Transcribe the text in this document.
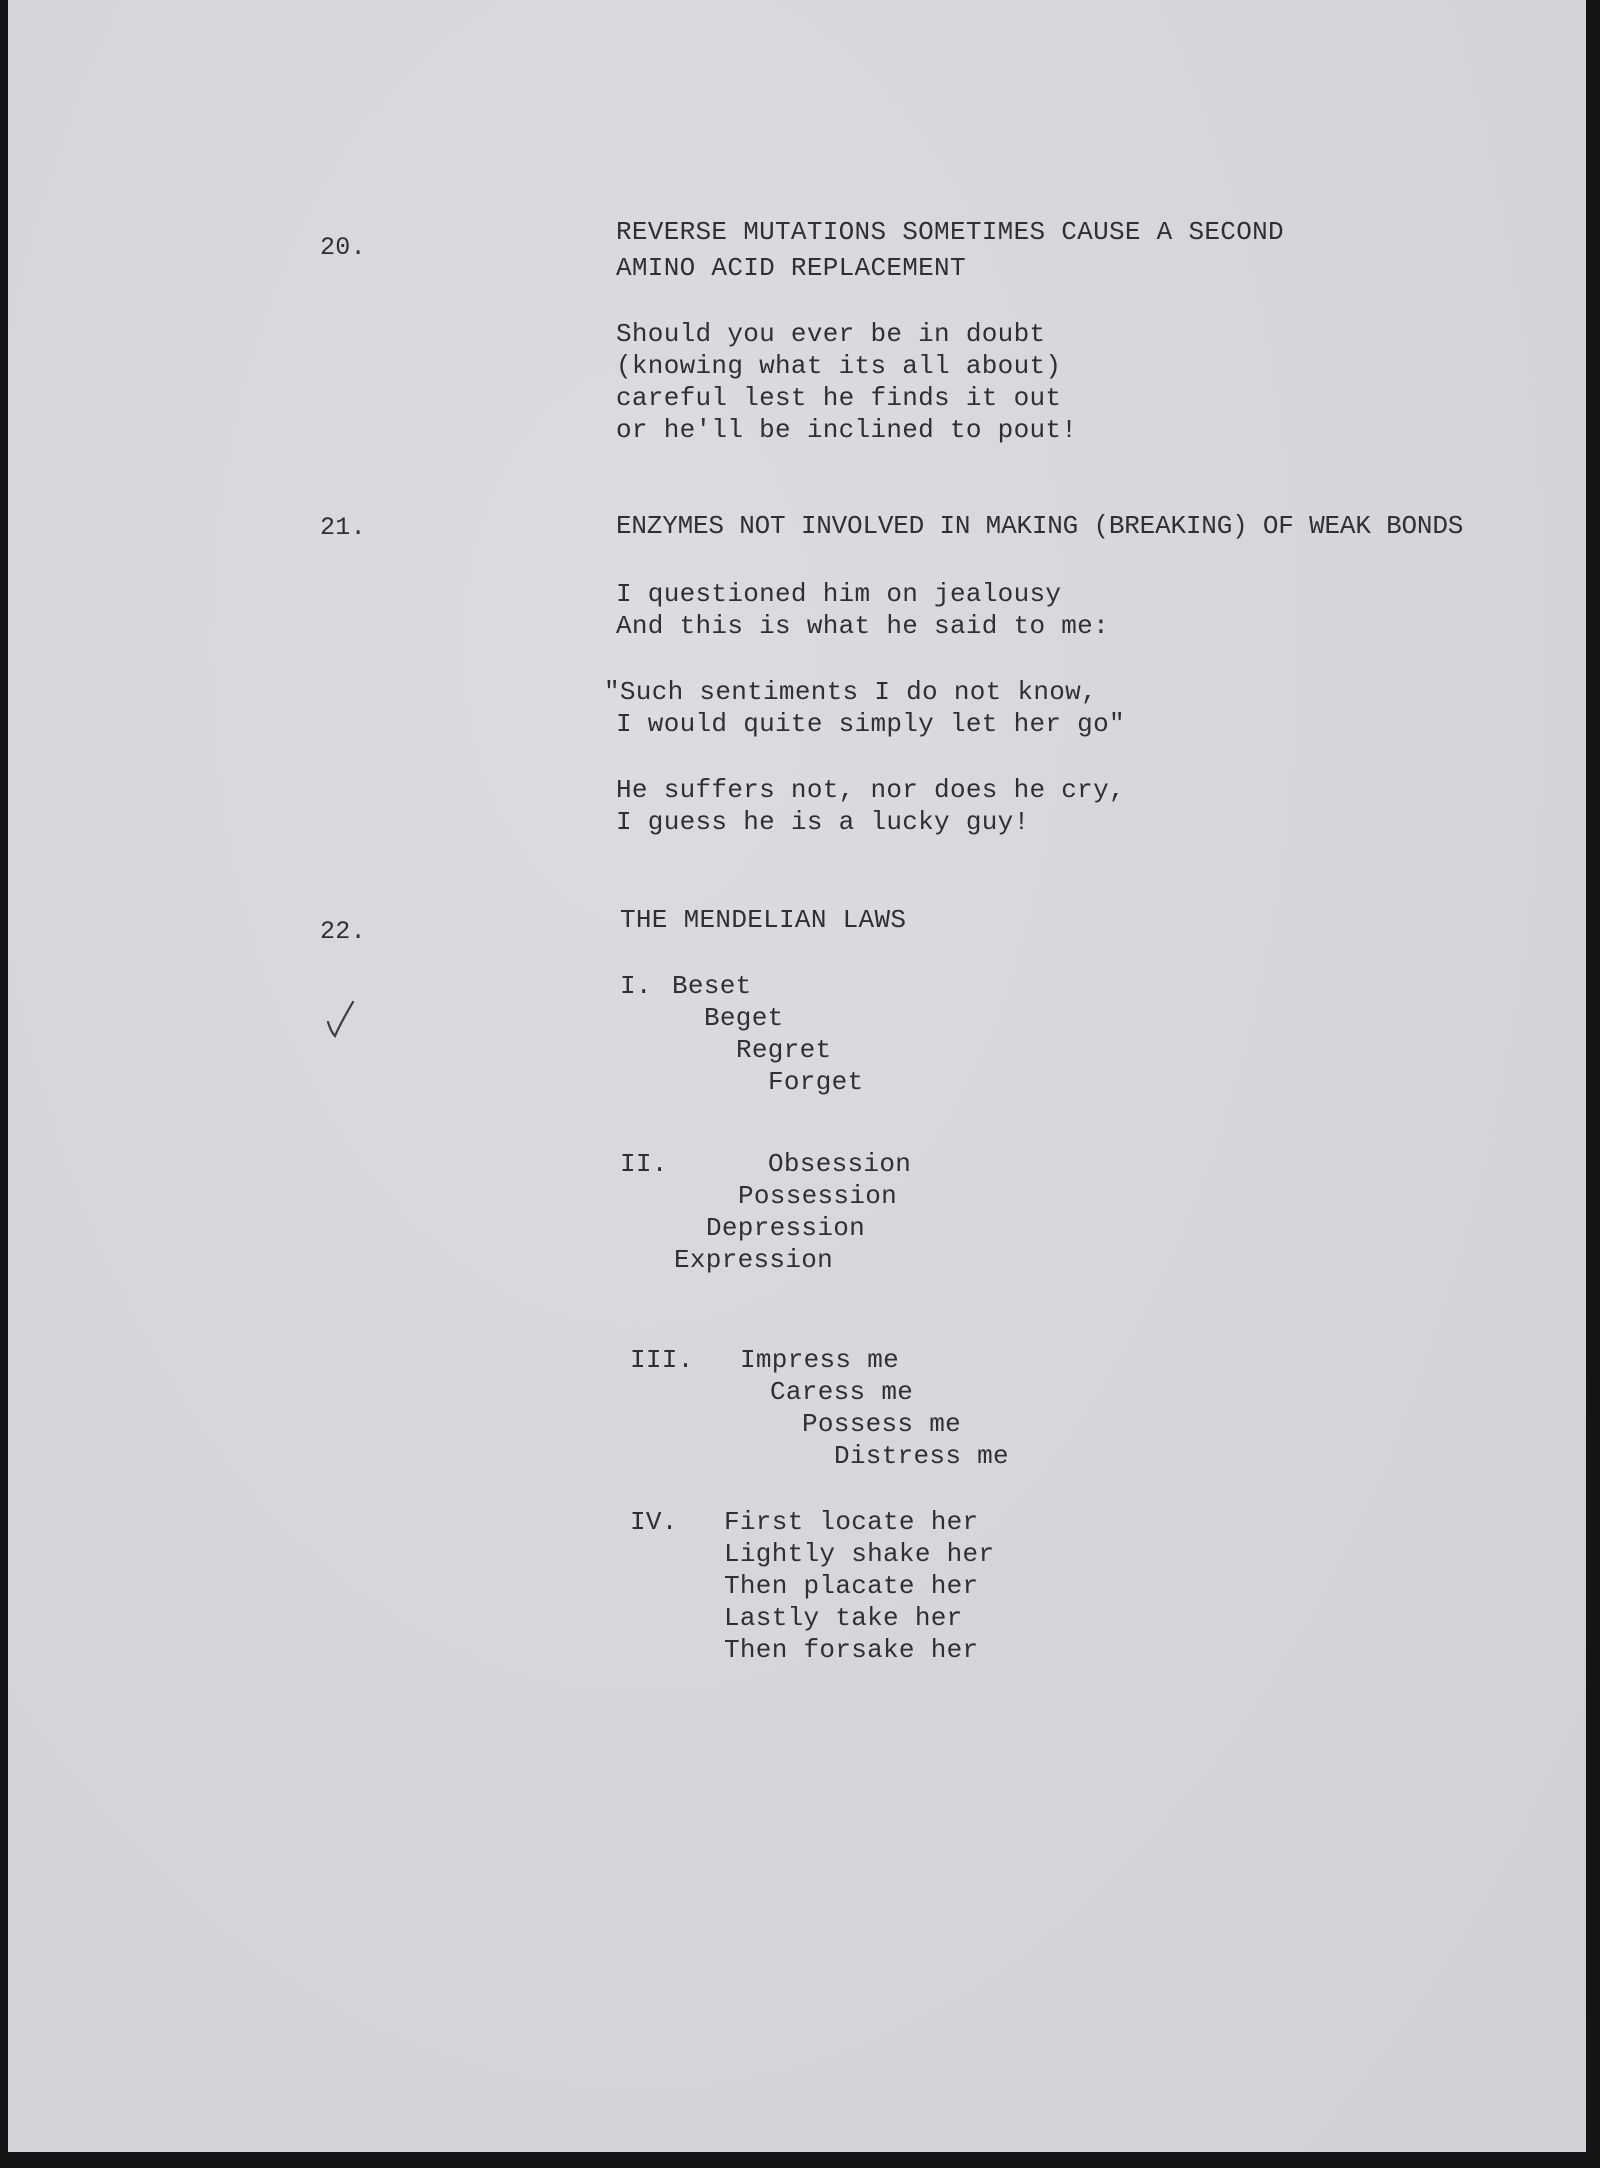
20.
REVERSE MUTATIONS SOMETIMES CAUSE A SECOND
AMINO ACID REPLACEMENT
Should you ever be in doubt
(knowing what its all about)
careful lest he finds it out
or he'll be inclined to pout!
21.	ENZYMES NOT INVOLVED IN MAKING (BREAKING) OF WEAK BONDS
I questioned him on jealousy
And this is what he said to me:
"Such sentiments I do not know,
I would quite simply let her go"
He suffers not, nor does he cry,
I guess he is a lucky guy!
22.	THE MENDELIAN LAWS
I. Beset
Beget
Regret
Forget
II.	Obsession
Possession
Depression
Expression
III. Impress me
Caress me
Possess me
Distress me
IV. First locate her
Lightly shake her
Then placate her
Lastly take her
Then forsake her
